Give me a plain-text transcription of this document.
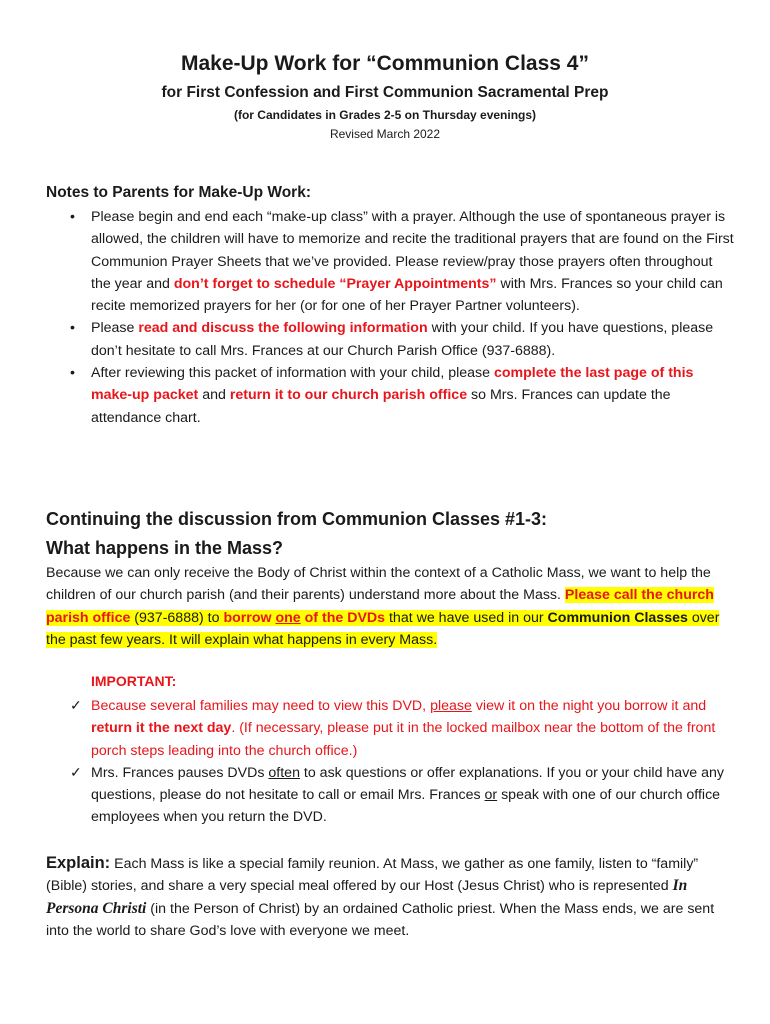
Make-Up Work for “Communion Class 4”
for First Confession and First Communion Sacramental Prep
(for Candidates in Grades 2-5 on Thursday evenings)
Revised March 2022
Notes to Parents for Make-Up Work:
• Please begin and end each “make-up class” with a prayer. Although the use of spontaneous prayer is allowed, the children will have to memorize and recite the traditional prayers that are found on the First Communion Prayer Sheets that we’ve provided. Please review/pray those prayers often throughout the year and don’t forget to schedule “Prayer Appointments” with Mrs. Frances so your child can recite memorized prayers for her (or for one of her Prayer Partner volunteers).
• Please read and discuss the following information with your child. If you have questions, please don’t hesitate to call Mrs. Frances at our Church Parish Office (937-6888).
• After reviewing this packet of information with your child, please complete the last page of this make-up packet and return it to our church parish office so Mrs. Frances can update the attendance chart.
Continuing the discussion from Communion Classes #1-3:
What happens in the Mass?
Because we can only receive the Body of Christ within the context of a Catholic Mass, we want to help the children of our church parish (and their parents) understand more about the Mass. Please call the church parish office (937-6888) to borrow one of the DVDs that we have used in our Communion Classes over the past few years. It will explain what happens in every Mass.
IMPORTANT:
✓ Because several families may need to view this DVD, please view it on the night you borrow it and return it the next day. (If necessary, please put it in the locked mailbox near the bottom of the front porch steps leading into the church office.)
✓ Mrs. Frances pauses DVDs often to ask questions or offer explanations. If you or your child have any questions, please do not hesitate to call or email Mrs. Frances or speak with one of our church office employees when you return the DVD.
Explain: Each Mass is like a special family reunion. At Mass, we gather as one family, listen to “family” (Bible) stories, and share a very special meal offered by our Host (Jesus Christ) who is represented In Persona Christi (in the Person of Christ) by an ordained Catholic priest. When the Mass ends, we are sent into the world to share God’s love with everyone we meet.
